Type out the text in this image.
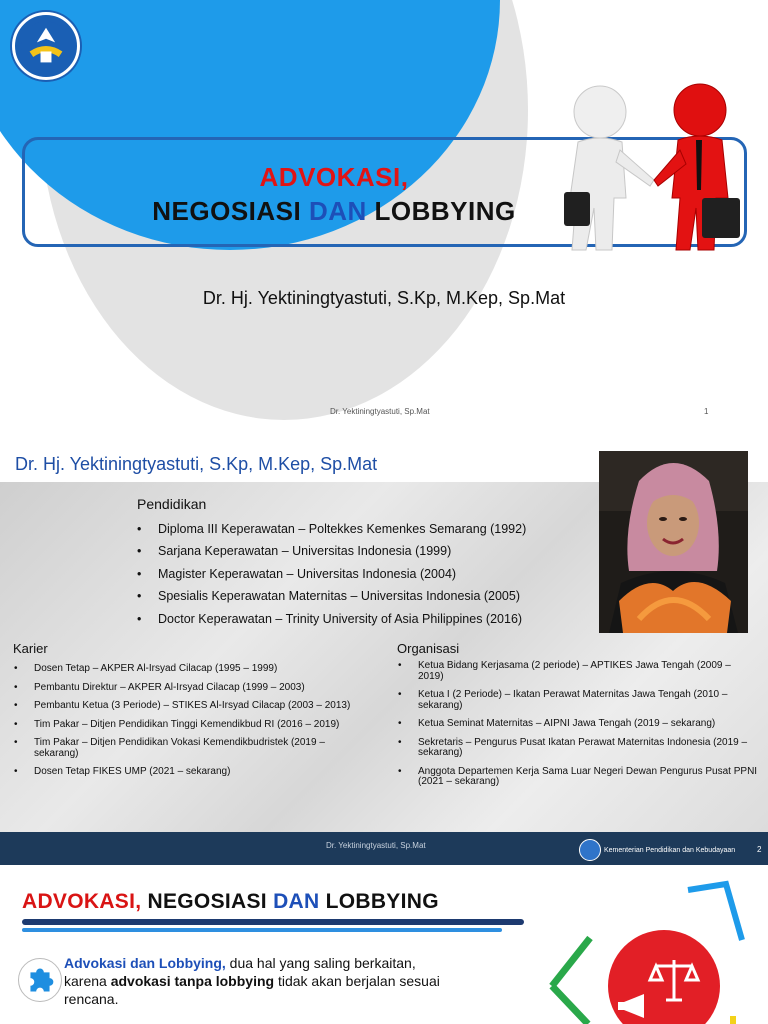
ADVOKASI,
NEGOSIASI DAN LOBBYING
Dr. Hj. Yektiningtyastuti, S.Kp, M.Kep, Sp.Mat
Dr. Yektiningtyastuti, Sp.Mat	1
Dr. Hj. Yektiningtyastuti, S.Kp, M.Kep, Sp.Mat
Pendidikan
• Diploma III Keperawatan – Poltekkes Kemenkes Semarang (1992)
• Sarjana Keperawatan – Universitas Indonesia (1999)
• Magister Keperawatan – Universitas Indonesia (2004)
• Spesialis Keperawatan Maternitas – Universitas Indonesia (2005)
• Doctor Keperawatan – Trinity University of Asia Philippines (2016)
Karier
• Dosen Tetap – AKPER Al-Irsyad Cilacap (1995 – 1999)
• Pembantu Direktur – AKPER Al-Irsyad Cilacap (1999 – 2003)
• Pembantu Ketua (3 Periode) – STIKES Al-Irsyad Cilacap (2003 – 2013)
• Tim Pakar – Ditjen Pendidikan Tinggi Kemendikbud RI (2016 – 2019)
• Tim Pakar – Ditjen Pendidikan Vokasi Kemendikbudristek (2019 – sekarang)
• Dosen Tetap FIKES UMP (2021 – sekarang)
Organisasi
• Ketua Bidang Kerjasama (2 periode) – APTIKES Jawa Tengah (2009 – 2019)
• Ketua I (2 Periode) – Ikatan Perawat Maternitas Jawa Tengah (2010 – sekarang)
• Ketua Seminat Maternitas – AIPNI Jawa Tengah (2019 – sekarang)
• Sekretaris – Pengurus Pusat Ikatan Perawat Maternitas Indonesia (2019 – sekarang)
• Anggota Departemen Kerja Sama Luar Negeri Dewan Pengurus Pusat PPNI (2021 – sekarang)
Dr. Yektiningtyastuti, Sp.Mat
Kementerian Pendidikan dan Kebudayaan	2
ADVOKASI, NEGOSIASI DAN LOBBYING
Advokasi dan Lobbying, dua hal yang saling berkaitan, karena advokasi tanpa lobbying tidak akan berjalan sesuai rencana.
